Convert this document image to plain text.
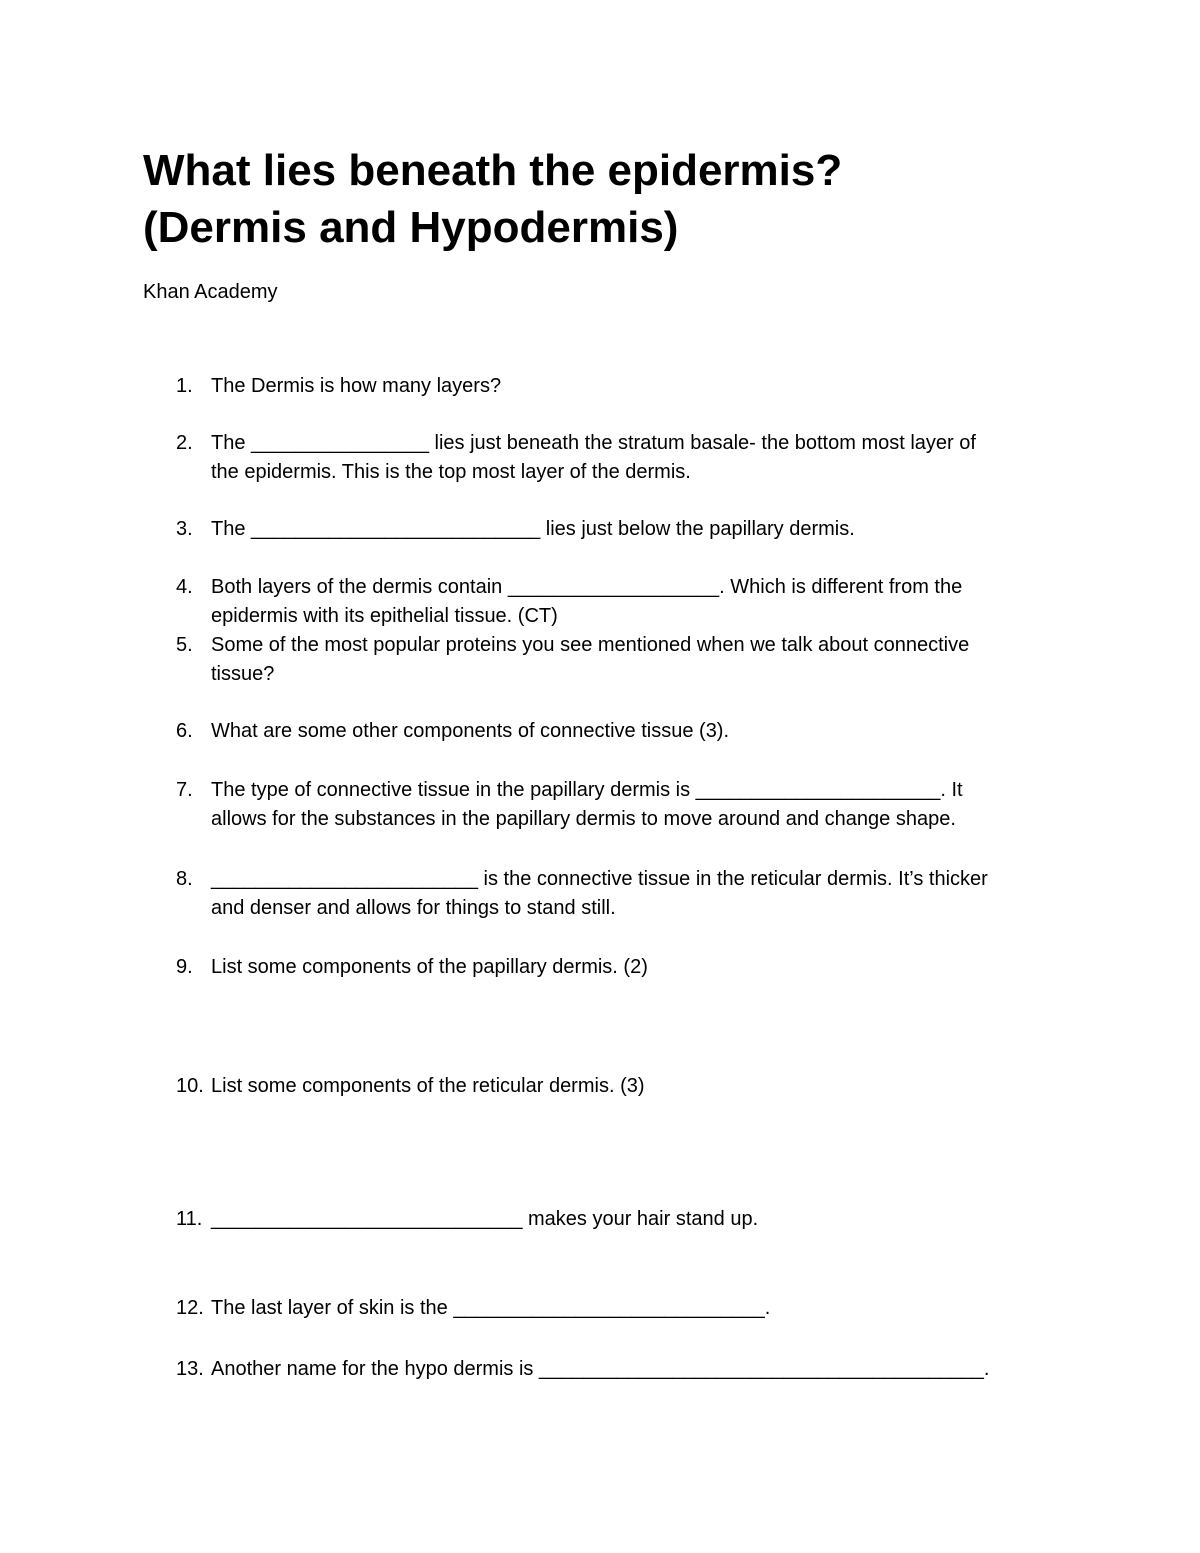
What lies beneath the epidermis?
(Dermis and Hypodermis)
Khan Academy
1. The Dermis is how many layers?
2. The ________________ lies just beneath the stratum basale- the bottom most layer of
the epidermis. This is the top most layer of the dermis.
3. The __________________________ lies just below the papillary dermis.
4. Both layers of the dermis contain ___________________. Which is different from the
epidermis with its epithelial tissue. (CT)
5. Some of the most popular proteins you see mentioned when we talk about connective
tissue?
6. What are some other components of connective tissue (3).
7. The type of connective tissue in the papillary dermis is ______________________. It
allows for the substances in the papillary dermis to move around and change shape.
8. ________________________ is the connective tissue in the reticular dermis. It’s thicker
and denser and allows for things to stand still.
9. List some components of the papillary dermis. (2)
10. List some components of the reticular dermis. (3)
11. ____________________________ makes your hair stand up.
12. The last layer of skin is the ____________________________.
13. Another name for the hypo dermis is ________________________________________.
